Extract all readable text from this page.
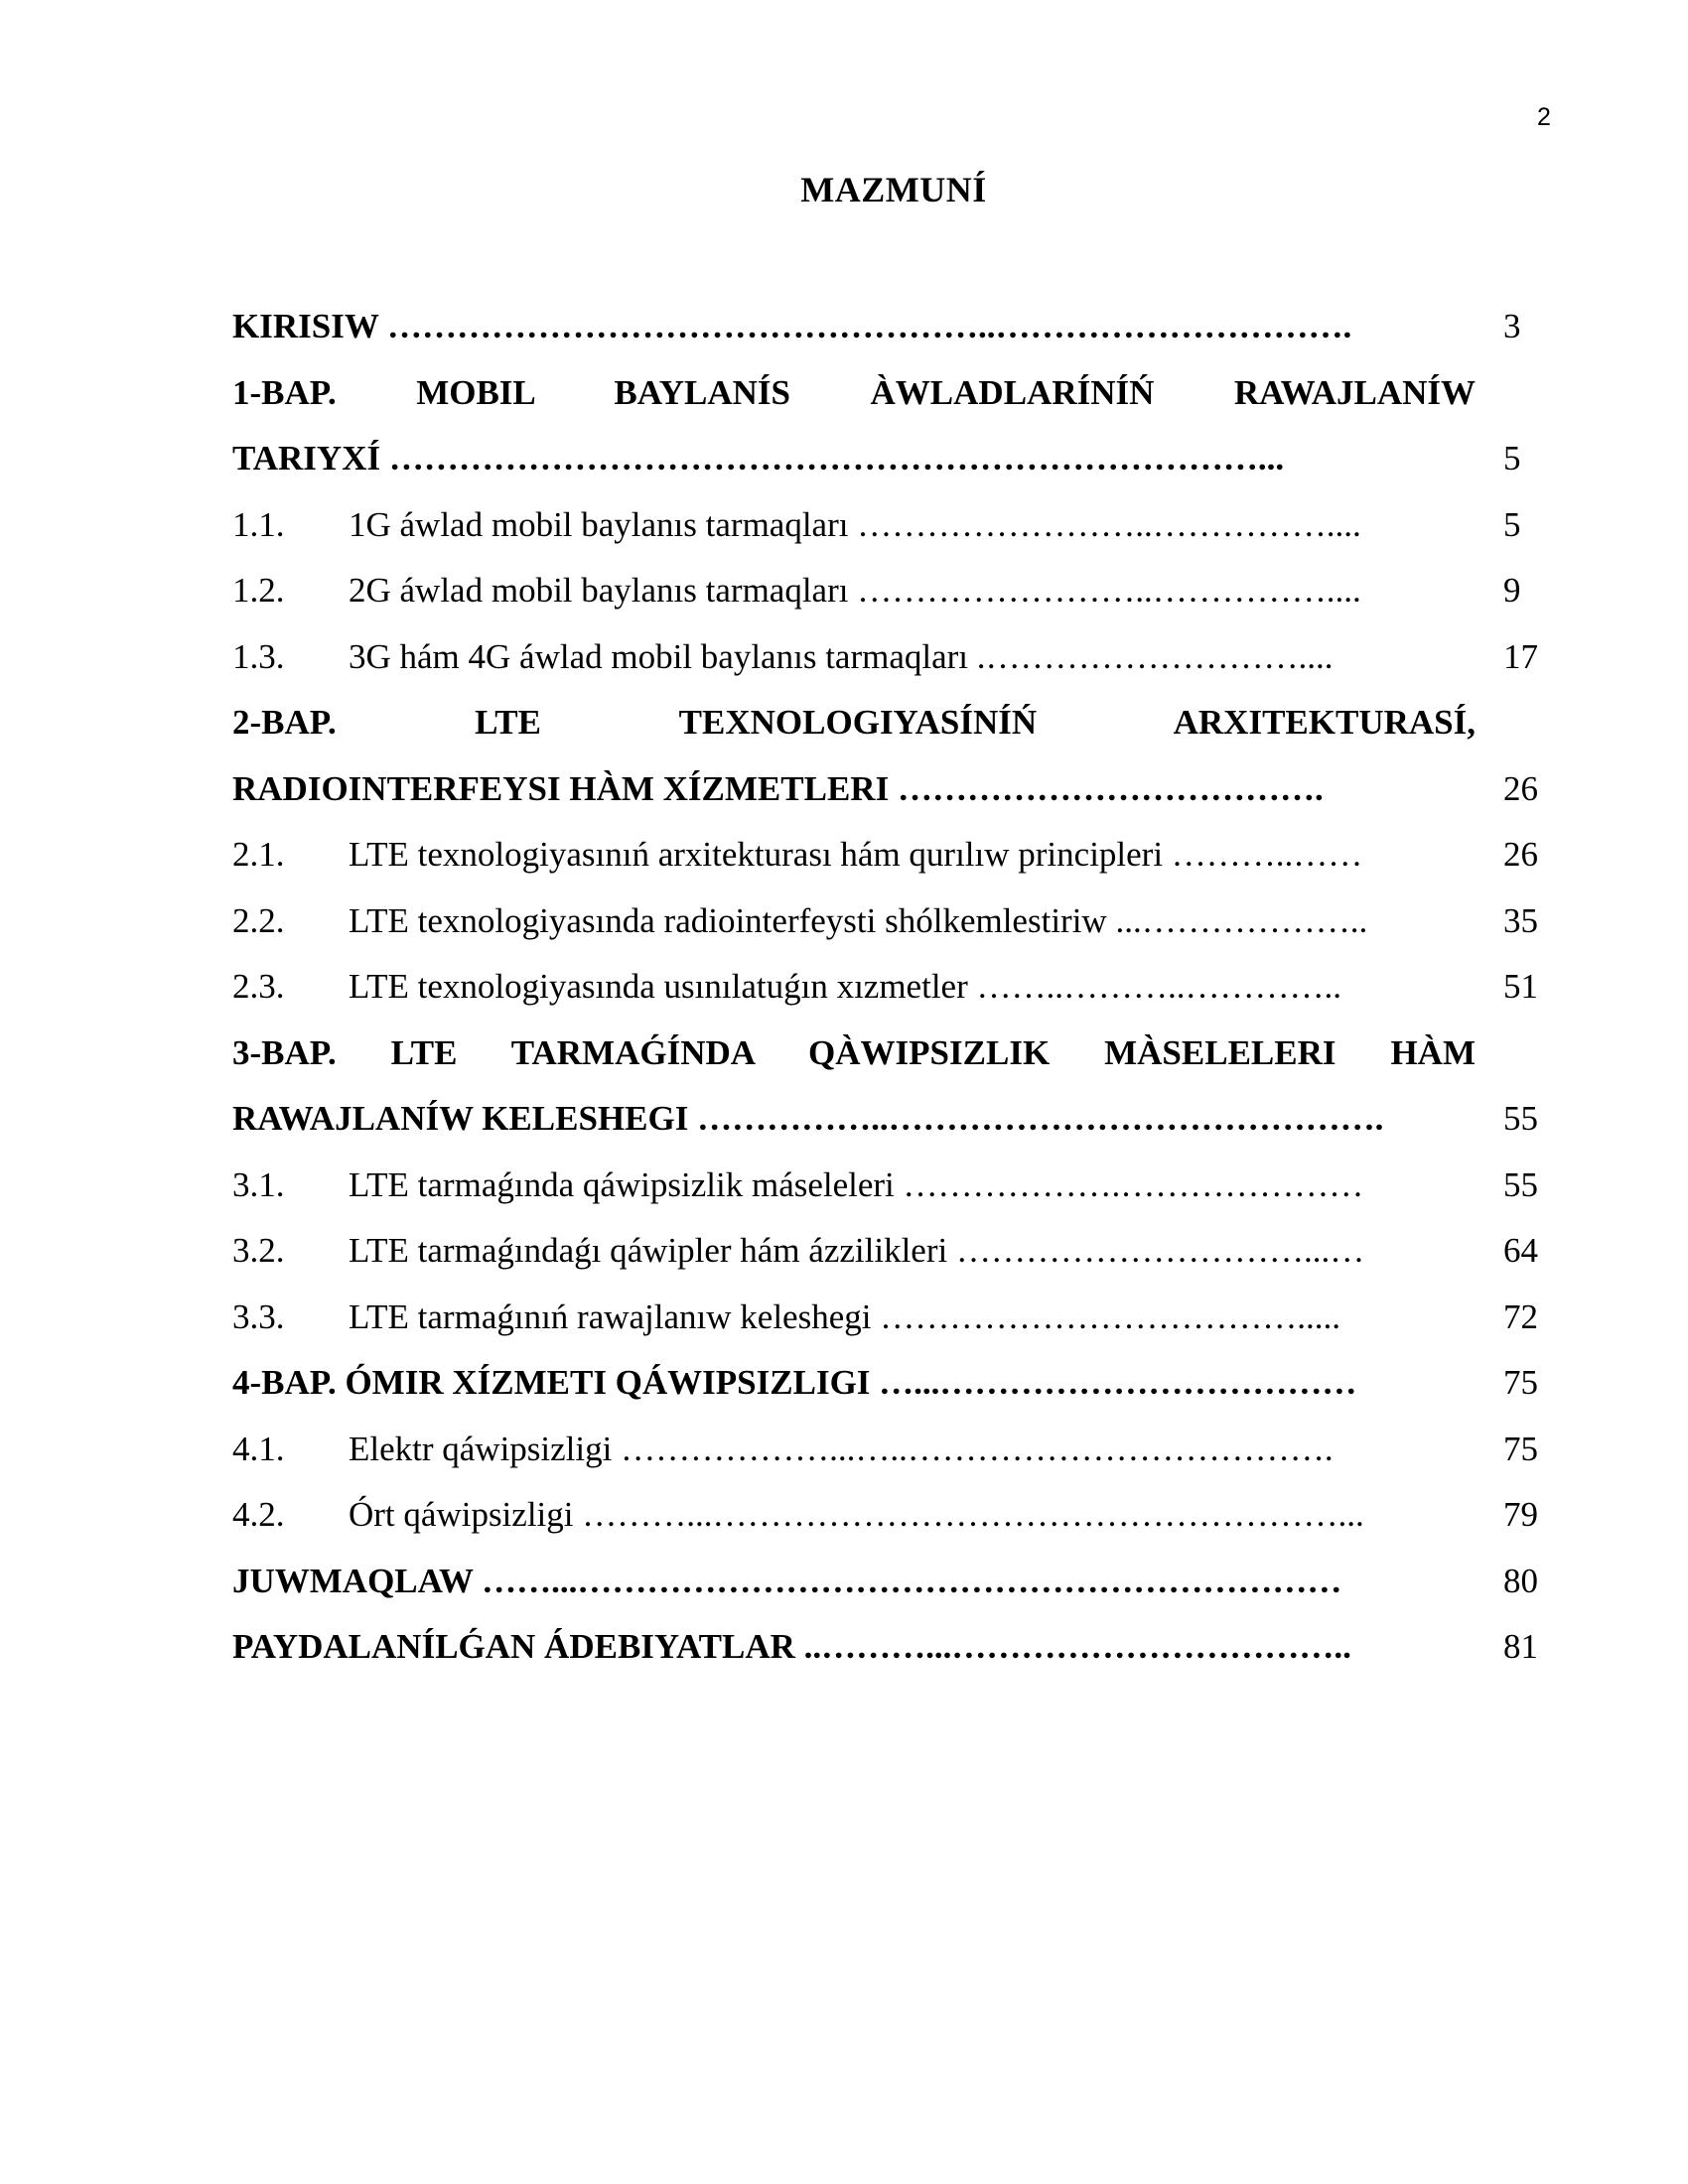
2
MAZMUNÍ
KIRISIW ……………………………………………..………………………….	3
1-BAP. MOBIL BAYLANÍS ÀWLADLARÍNÍŃ RAWAJLANÍW
TARIYXÍ …………………………………………………………………...	5
1.1. 1G áwlad mobil baylanıs tarmaqları ……………………..……………....	5
1.2. 2G áwlad mobil baylanıs tarmaqları ……………………..……………....	9
1.3. 3G hám 4G áwlad mobil baylanıs tarmaqları .………………………....	17
2-BAP. LTE TEXNOLOGIYASÍNÍŃ ARXITEKTURASÍ,
RADIOINTERFEYSI HÀM XÍZMETLERI ……………………………….	26
2.1. LTE texnologiyasınıń arxitekturası hám qurılıw principleri ………..……	26
2.2. LTE texnologiyasında radiointerfeysti shólkemlestiriw ...………………..	35
2.3. LTE texnologiyasında usınılatuǵın xızmetler ……..………..…………..	51
3-BAP. LTE TARMAǴÍNDA QÀWIPSIZLIK MÀSELELERI HÀM
RAWAJLANÍW KELESHEGI ……………..…………………………………….	55
3.1. LTE tarmaǵında qáwipsizlik máseleleri ……………….…………………	55
3.2. LTE tarmaǵındaǵı qáwipler hám ázzilikleri …………………………...…	64
3.3. LTE tarmaǵınıń rawajlanıw keleshegi ……………………………….....	72
4-BAP. ÓMIR XÍZMETI QÁWIPSIZLIGI …...………………………………	75
4.1. Elektr qáwipsizligi ………………...…..……………………………….	75
4.2. Órt qáwipsizligi ………...………………………………………………...	79
JUWMAQLAW ……...…………………………………………………………	80
PAYDALANÍLǴAN ÁDEBIYATLAR ..………...……………………………..	81
